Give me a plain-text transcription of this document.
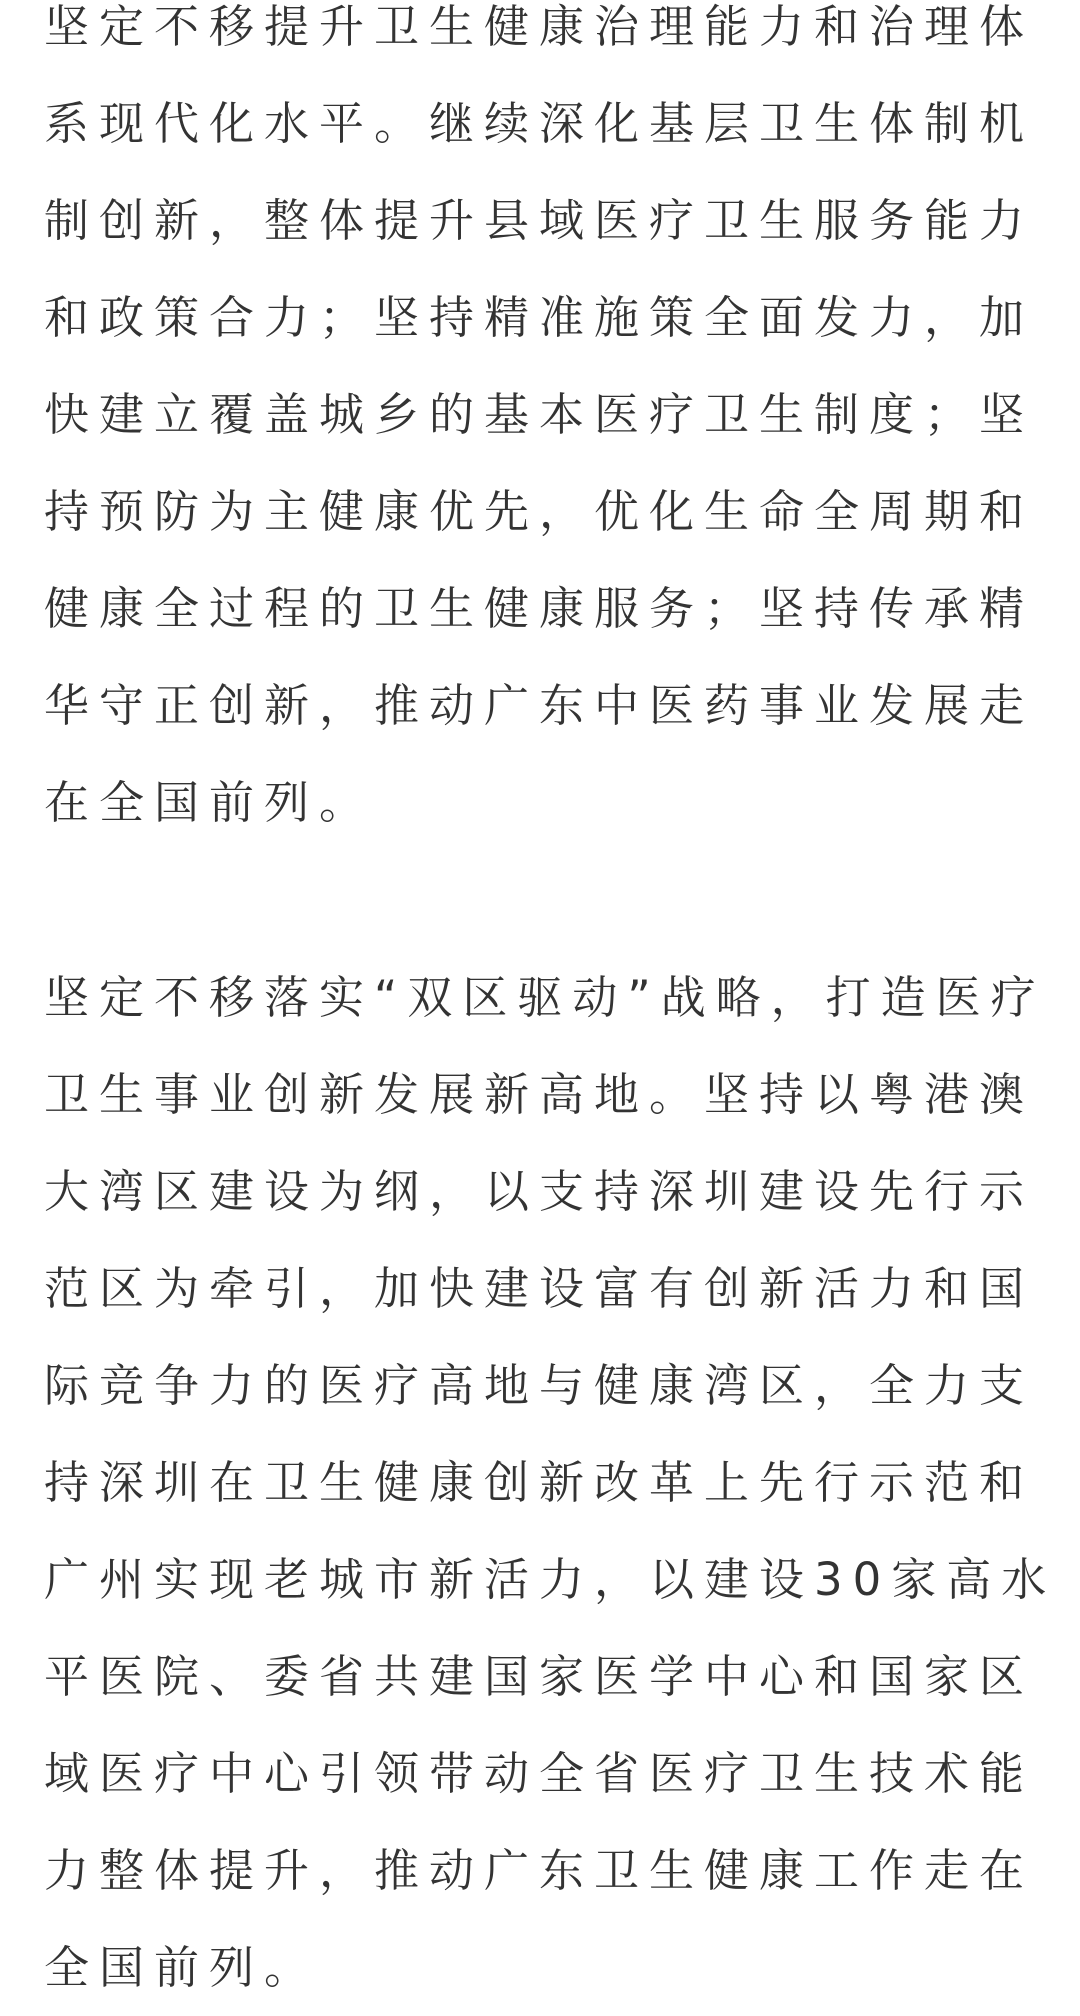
坚定不移提升卫生健康治理能力和治理体
系现代化水平。继续深化基层卫生体制机
制创新，整体提升县域医疗卫生服务能力
和政策合力；坚持精准施策全面发力，加
快建立覆盖城乡的基本医疗卫生制度；坚
持预防为主健康优先，优化生命全周期和
健康全过程的卫生健康服务；坚持传承精
华守正创新，推动广东中医药事业发展走
在全国前列。
坚定不移落实“双区驱动”战略，打造医疗
卫生事业创新发展新高地。坚持以粤港澳
大湾区建设为纲，以支持深圳建设先行示
范区为牵引，加快建设富有创新活力和国
际竞争力的医疗高地与健康湾区，全力支
持深圳在卫生健康创新改革上先行示范和
广州实现老城市新活力，以建设30家高水
平医院、委省共建国家医学中心和国家区
域医疗中心引领带动全省医疗卫生技术能
力整体提升，推动广东卫生健康工作走在
全国前列。
